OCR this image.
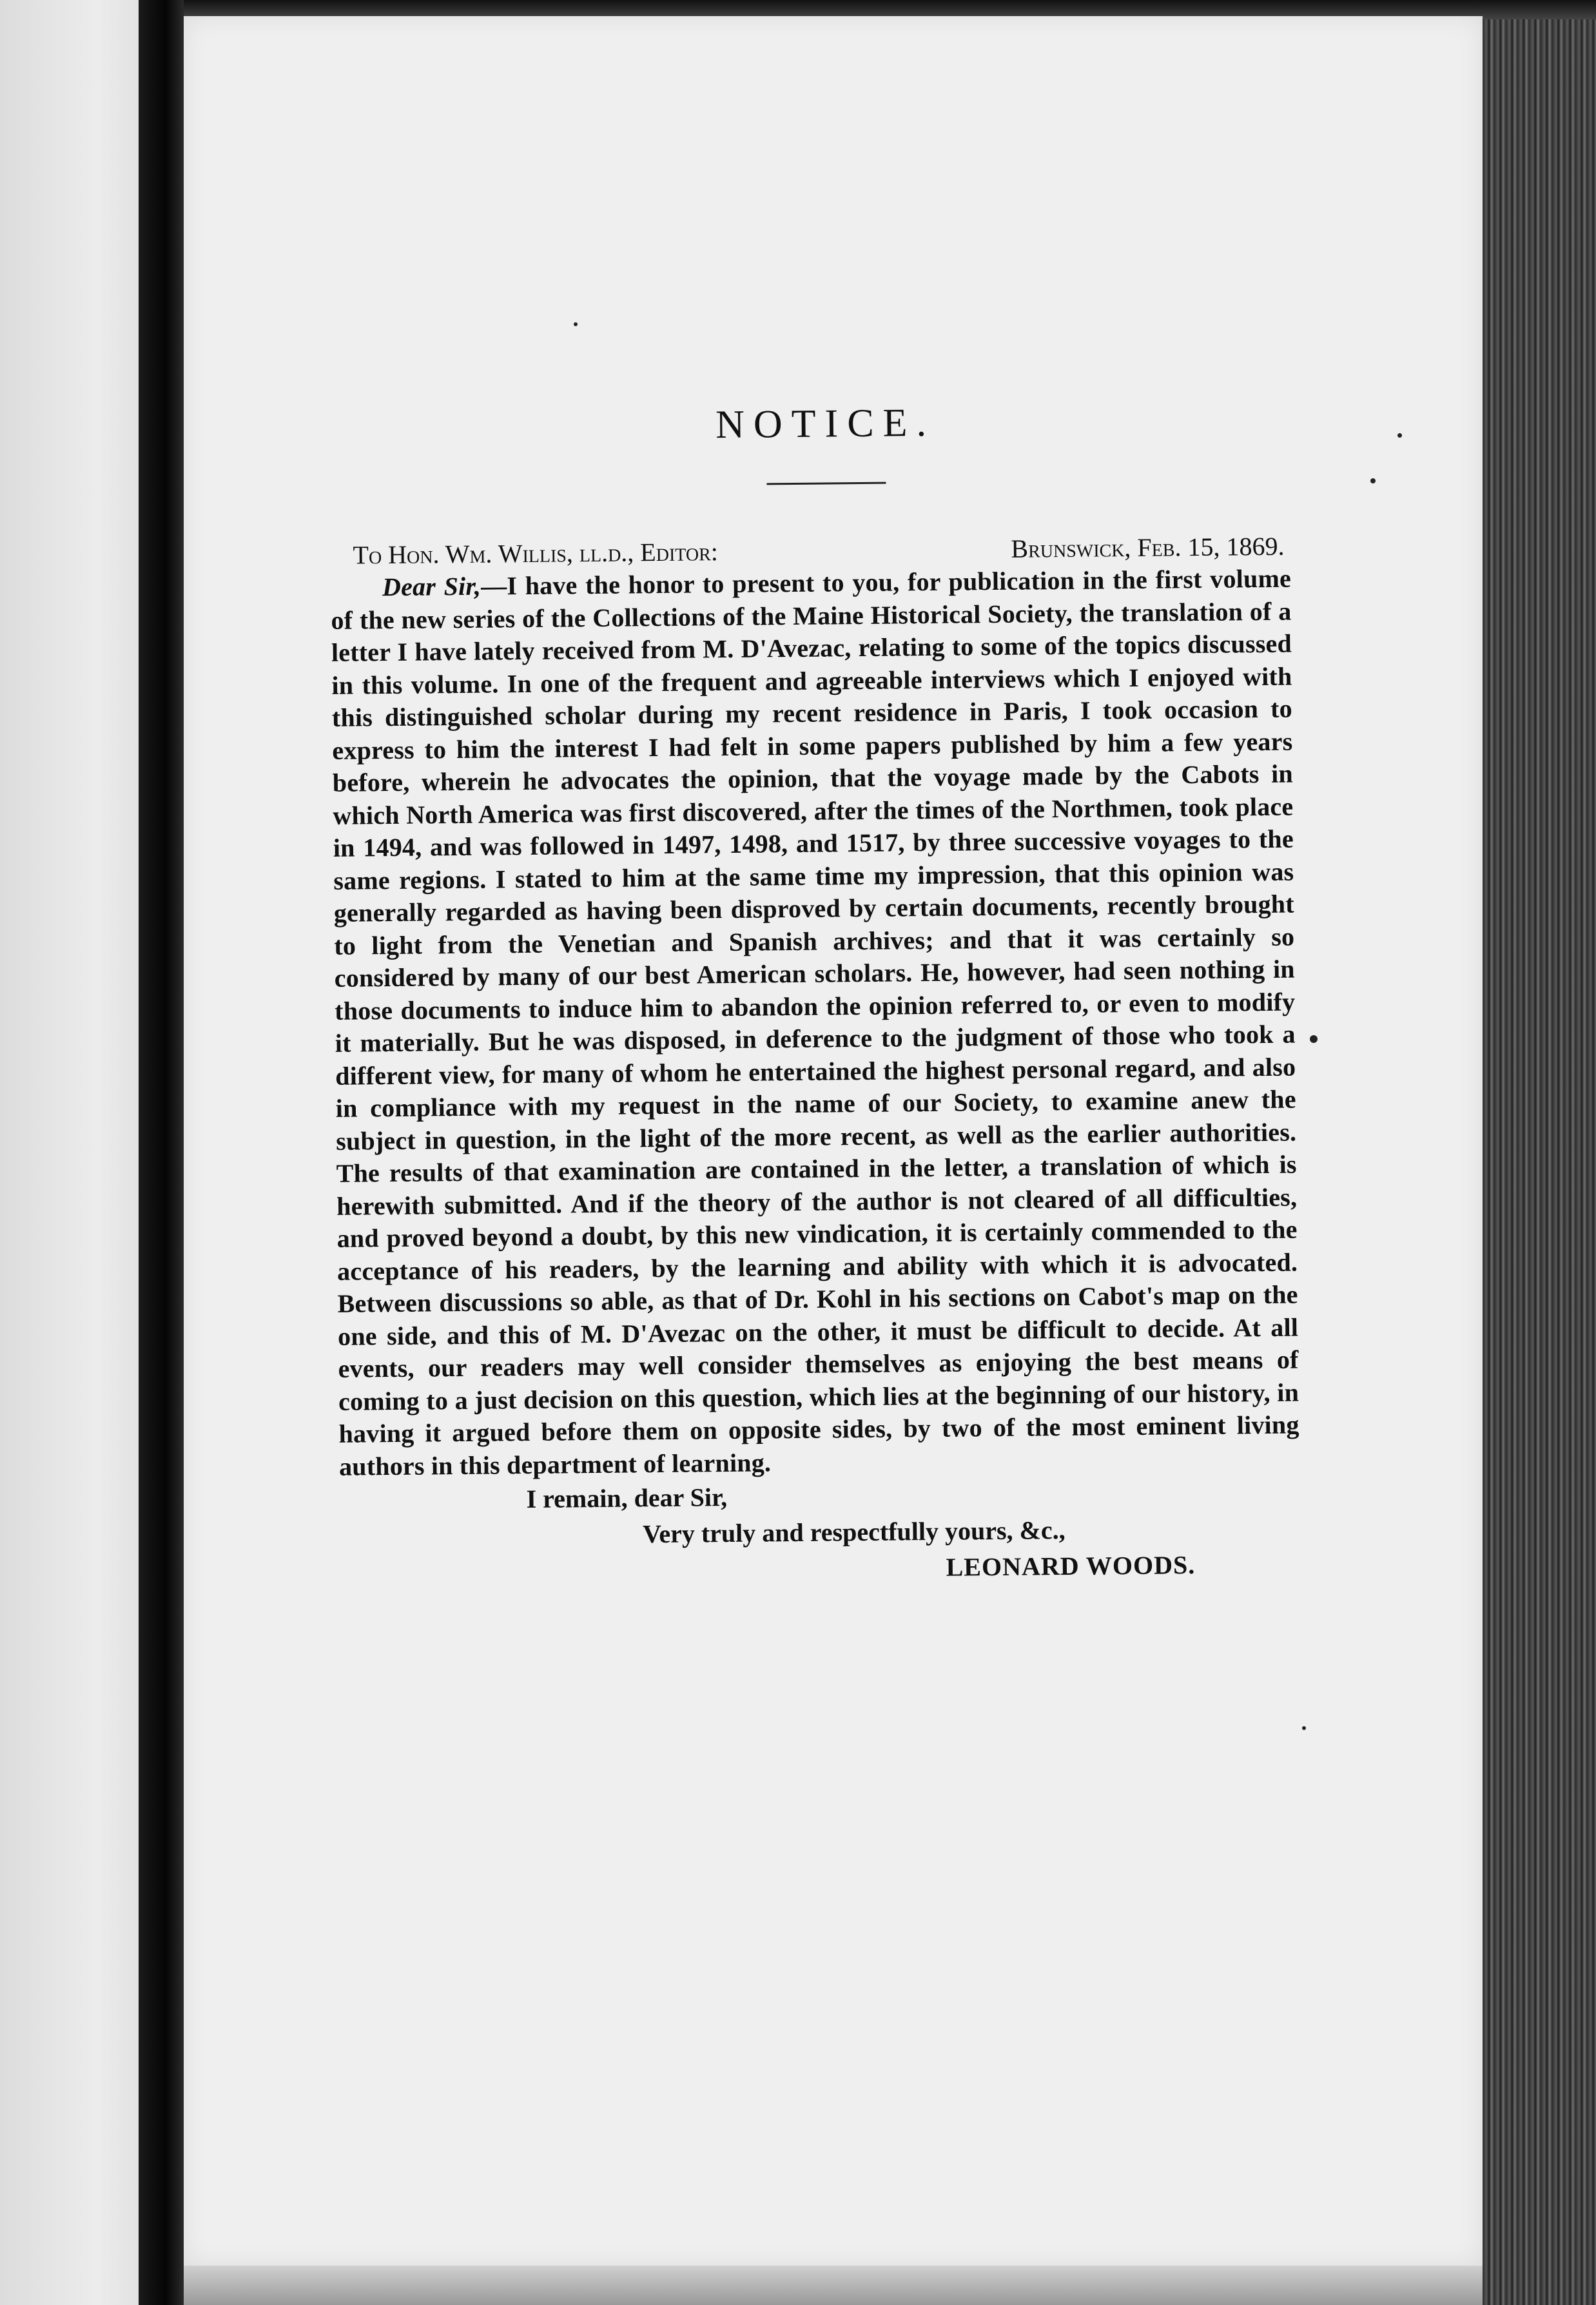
NOTICE.
To Hon. Wm. Willis, ll.d., Editor:	Brunswick, Feb. 15, 1869.

Dear Sir,—I have the honor to present to you, for publication in the first volume of the new series of the Collections of the Maine Historical Society, the translation of a letter I have lately received from M. D'Avezac, relating to some of the topics discussed in this volume. In one of the frequent and agreeable interviews which I enjoyed with this distinguished scholar during my recent residence in Paris, I took occasion to express to him the interest I had felt in some papers published by him a few years before, wherein he advocates the opinion, that the voyage made by the Cabots in which North America was first discovered, after the times of the Northmen, took place in 1494, and was followed in 1497, 1498, and 1517, by three successive voyages to the same regions. I stated to him at the same time my impression, that this opinion was generally regarded as having been disproved by certain documents, recently brought to light from the Venetian and Spanish archives; and that it was certainly so considered by many of our best American scholars. He, however, had seen nothing in those documents to induce him to abandon the opinion referred to, or even to modify it materially. But he was disposed, in deference to the judgment of those who took a different view, for many of whom he entertained the highest personal regard, and also in compliance with my request in the name of our Society, to examine anew the subject in question, in the light of the more recent, as well as the earlier authorities. The results of that examination are contained in the letter, a translation of which is herewith submitted. And if the theory of the author is not cleared of all difficulties, and proved beyond a doubt, by this new vindication, it is certainly commended to the acceptance of his readers, by the learning and ability with which it is advocated. Between discussions so able, as that of Dr. Kohl in his sections on Cabot's map on the one side, and this of M. D'Avezac on the other, it must be difficult to decide. At all events, our readers may well consider themselves as enjoying the best means of coming to a just decision on this question, which lies at the beginning of our history, in having it argued before them on opposite sides, by two of the most eminent living authors in this department of learning.

I remain, dear Sir,
Very truly and respectfully yours, &c.,
LEONARD WOODS.
